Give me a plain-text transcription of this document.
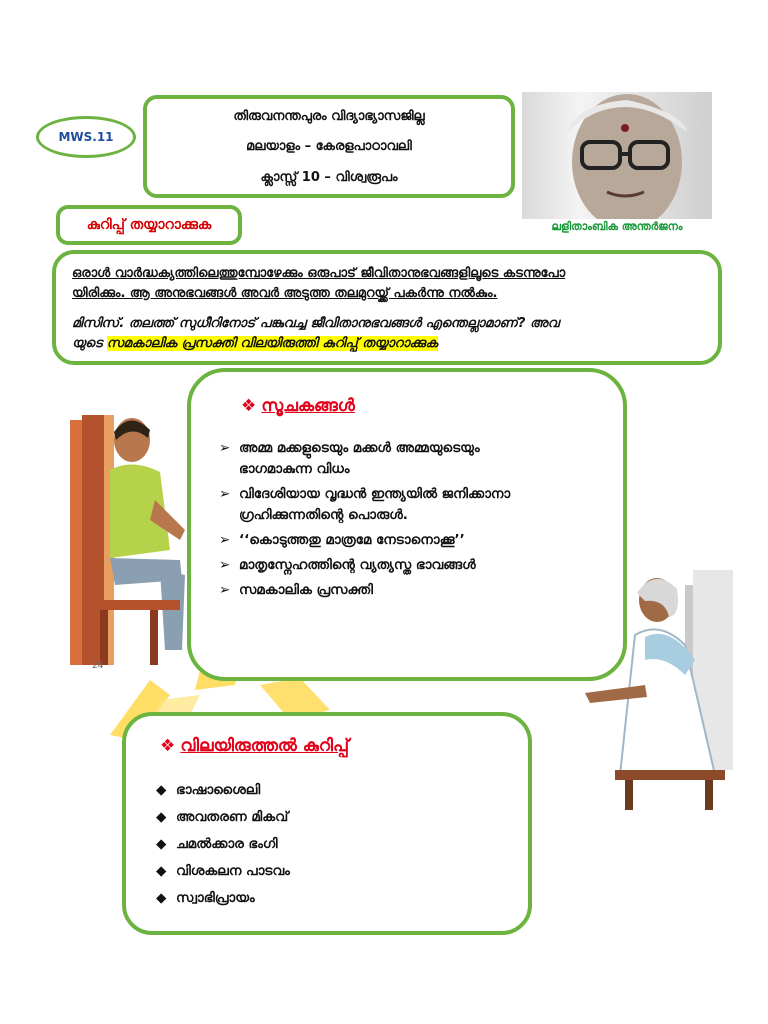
24
MWS.11
തിരുവനന്തപുരം വിദ്യാഭ്യാസജില്ല
മലയാളം – കേരളപാഠാവലി
ക്ലാസ്സ് 10 – വിശ്വരൂപം
ലളിതാംബിക അന്തർജനം
കുറിപ്പ് തയ്യാറാക്കുക
ഒരാൾ വാർദ്ധക്യത്തിലെത്തുമ്പോഴേക്കും ഒരുപാട് ജീവിതാനുഭവങ്ങളിലൂടെ കടന്നുപോ
യിരിക്കും. ആ അനുഭവങ്ങൾ അവർ അടുത്ത തലമുറയ്ക്ക് പകർന്നു നൽകും.
മിസിസ്. തലത്ത് സുധീറിനോട് പങ്കുവച്ച ജീവിതാനുഭവങ്ങൾ എന്തെല്ലാമാണ്? അവ
യുടെ സമകാലിക പ്രസക്തി വിലയിരുത്തി കുറിപ്പ് തയ്യാറാക്കുക
❖ സൂചകങ്ങൾ
➢ അമ്മ മക്കളുടെയും മക്കൾ അമ്മയുടെയും
ഭാഗമാകുന്ന വിധം
➢ വിദേശിയായ വൃദ്ധൻ ഇന്ത്യയിൽ ജനിക്കാനാ
ഗ്രഹിക്കുന്നതിന്റെ പൊരുൾ.
➢ ‘‘കൊടുത്തതു മാത്രമേ നേടാനൊക്കൂ’’
➢ മാതൃസ്നേഹത്തിന്റെ വ്യത്യസ്ത ഭാവങ്ങൾ
➢ സമകാലിക പ്രസക്തി
❖ വിലയിരുത്തൽ കുറിപ്പ്
◆ ഭാഷാശൈലി
◆ അവതരണ മികവ്
◆ ചമൽക്കാര ഭംഗി
◆ വിശകലന പാടവം
◆ സ്വാഭിപ്രായം
